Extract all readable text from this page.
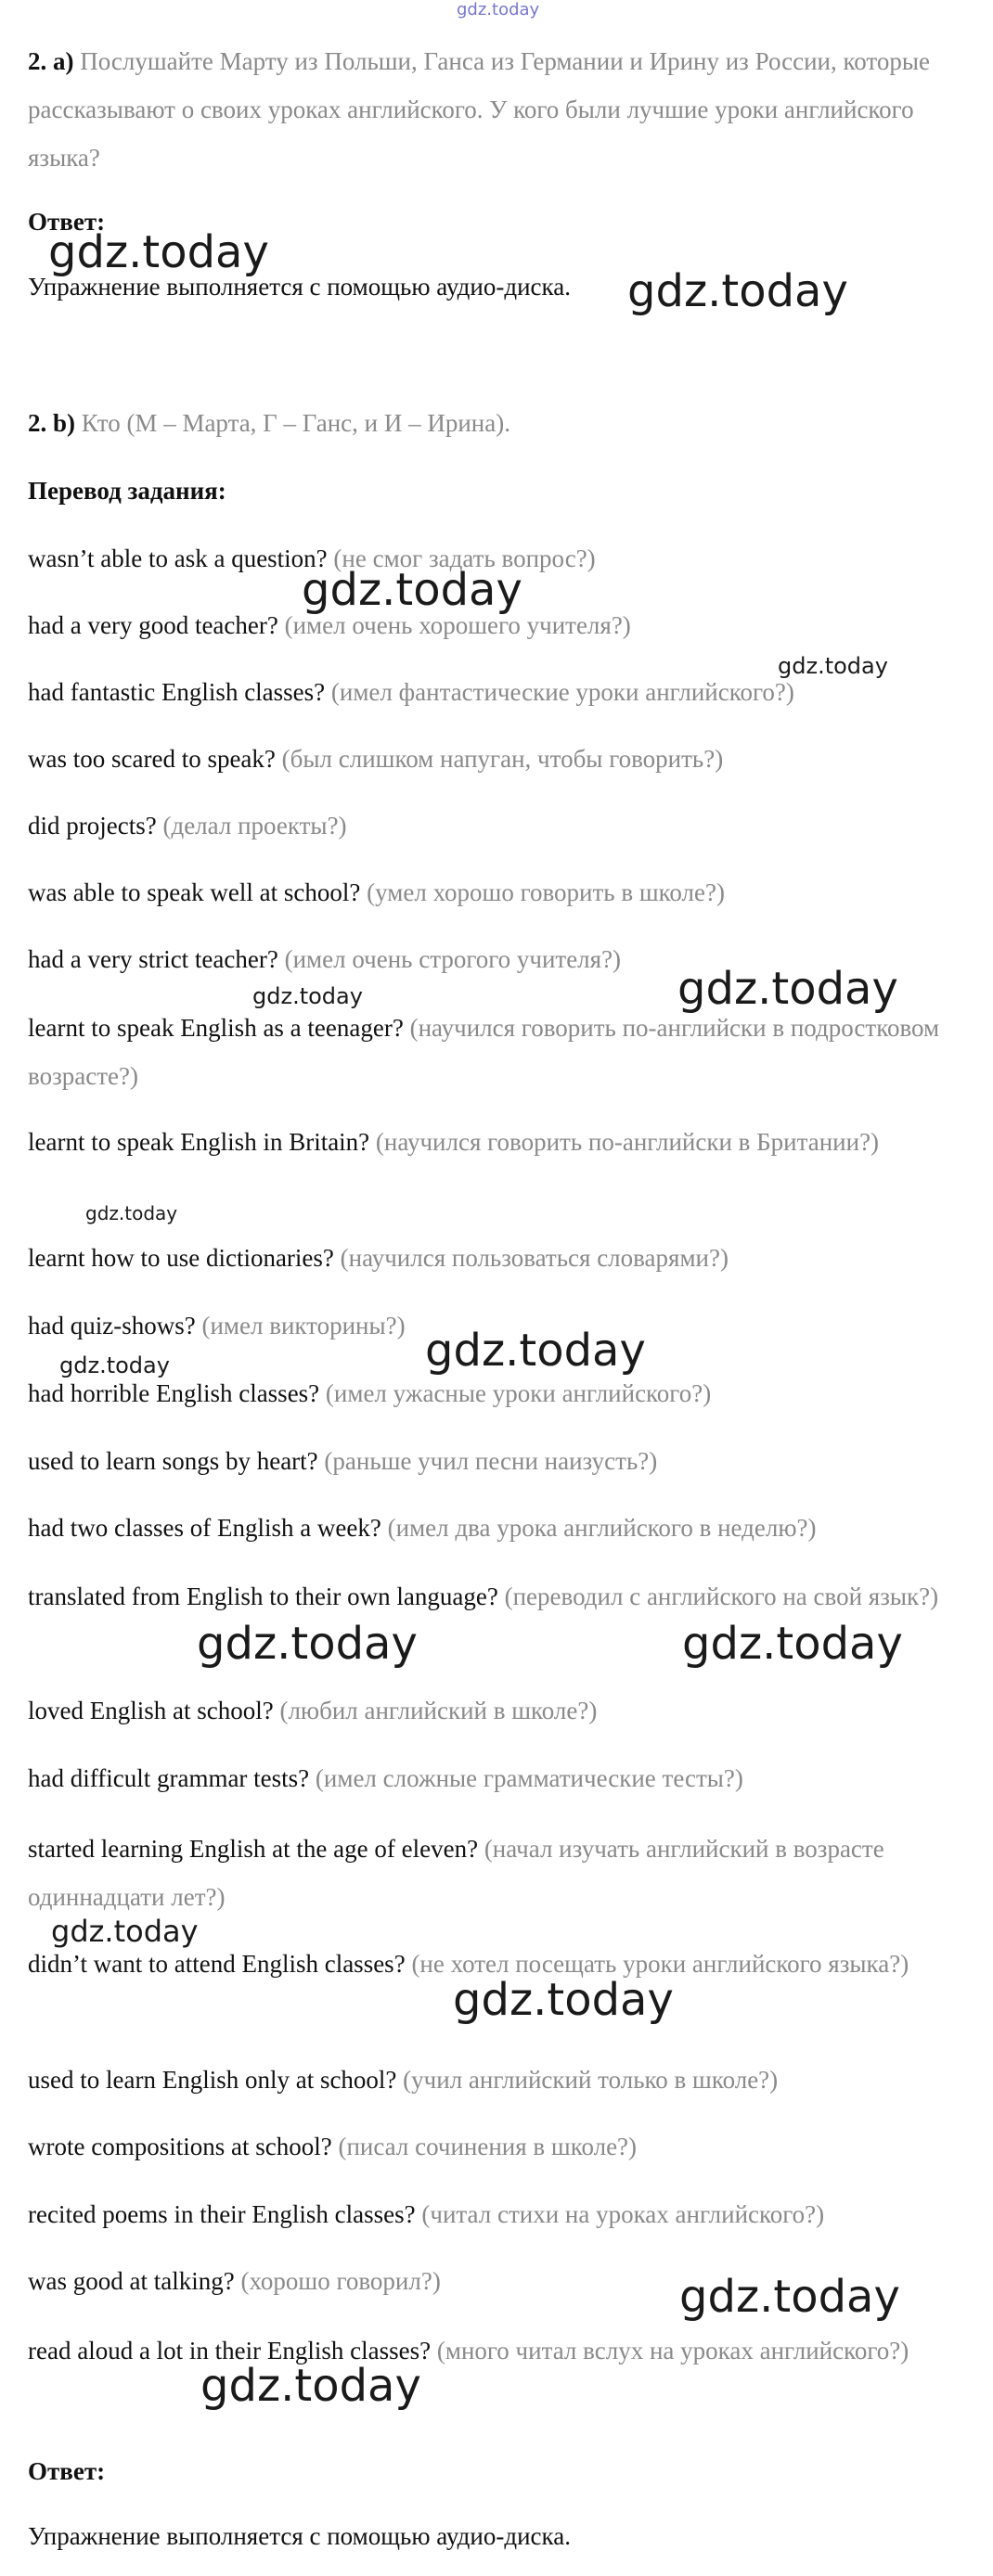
2. a) Послушайте Марту из Польши, Ганса из Германии и Ирину из России, которые рассказывают о своих уроках английского. У кого были лучшие уроки английского языка?

Ответ:

Упражнение выполняется с помощью аудио-диска.

2. b) Кто (М – Марта, Г – Ганс, и И – Ирина).

Перевод задания:

wasn’t able to ask a question? (не смог задать вопрос?)

had a very good teacher? (имел очень хорошего учителя?)

had fantastic English classes? (имел фантастические уроки английского?)

was too scared to speak? (был слишком напуган, чтобы говорить?)

did projects? (делал проекты?)

was able to speak well at school? (умел хорошо говорить в школе?)

had a very strict teacher? (имел очень строгого учителя?)

learnt to speak English as a teenager? (научился говорить по-английски в подростковом возрасте?)

learnt to speak English in Britain? (научился говорить по-английски в Британии?)

learnt how to use dictionaries? (научился пользоваться словарями?)

had quiz-shows? (имел викторины?)

had horrible English classes? (имел ужасные уроки английского?)

used to learn songs by heart? (раньше учил песни наизусть?)

had two classes of English a week? (имел два урока английского в неделю?)

translated from English to their own language? (переводил с английского на свой язык?)

loved English at school? (любил английский в школе?)

had difficult grammar tests? (имел сложные грамматические тесты?)

started learning English at the age of eleven? (начал изучать английский в возрасте одиннадцати лет?)

didn’t want to attend English classes? (не хотел посещать уроки английского языка?)

used to learn English only at school? (учил английский только в школе?)

wrote compositions at school? (писал сочинения в школе?)

recited poems in their English classes? (читал стихи на уроках английского?)

was good at talking? (хорошо говорил?)

read aloud a lot in their English classes? (много читал вслух на уроках английского?)

Ответ:

Упражнение выполняется с помощью аудио-диска.

gdz.today
gdz.today
gdz.today
gdz.today
gdz.today
gdz.today	gdz.today
gdz.today
gdz.today
gdz.today
gdz.today	gdz.today
gdz.today
gdz.today
gdz.today
gdz.today
